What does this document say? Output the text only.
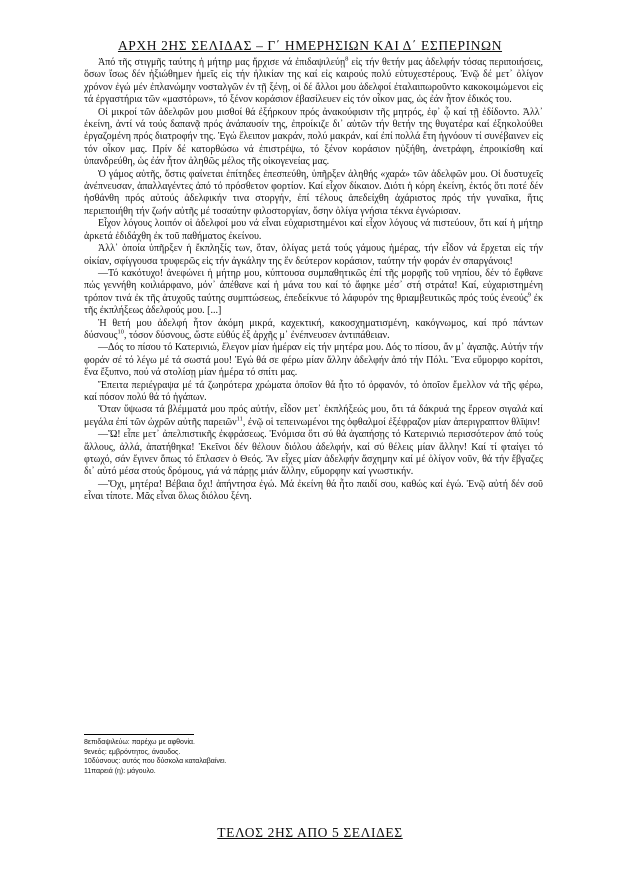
ΑΡΧΗ 2ΗΣ ΣΕΛΙΔΑΣ – Γ΄ ΗΜΕΡΗΣΙΩΝ ΚΑΙ Δ΄ ΕΣΠΕΡΙΝΩΝ

Ἀπό τῆς στιγμῆς ταύτης ἡ μήτηρ μας ἤρχισε νά ἐπιδαψιλεύῃ$^8$ εἰς τήν θετήν μας ἀδελφήν τόσας περιποιήσεις, ὅσων ἴσως δέν ἠξιώθημεν ἡμεῖς εἰς τήν ἡλικίαν της καί εἰς καιρούς πολύ εὐτυχεστέρους. Ἐνῷ δέ μετ᾽ ὀλίγον χρόνον ἐγώ μέν ἐπλανώμην νοσταλγῶν ἐν τῇ ξένῃ, οἱ δέ ἄλλοι μου ἀδελφοί ἐταλαιπωροῦντο κακοκοιμώμενοι εἰς τά ἐργαστήρια τῶν «μαστόρων», τό ξένον κοράσιον ἐβασίλευεν εἰς τόν οἶκον μας, ὡς ἐάν ἦτον ἐδικός του.

Οἱ μικροί τῶν ἀδελφῶν μου μισθοί θά ἐξήρκουν πρός ἀνακούφισιν τῆς μητρός, ἐφ᾽ ᾧ καί τῇ ἐδίδοντο. Ἀλλ᾽ ἐκείνη, ἀντί νά τούς δαπανᾷ πρός ἀνάπαυσίν της, ἐπροίκιζε δι᾽ αὐτῶν τήν θετήν της θυγατέρα καί ἐξηκολούθει ἐργαζομένη πρός διατροφήν της. Ἐγώ ἔλειπον μακράν, πολύ μακράν, καί ἐπί πολλά ἔτη ἠγνόουν τί συνέβαινεν εἰς τόν οἶκον μας. Πρίν δέ κατορθώσω νά ἐπιστρέψω, τό ξένον κοράσιον ηὐξήθη, ἀνετράφη, ἐπροικίσθη καί ὑπανδρεύθη, ὡς ἐάν ἦτον ἀληθῶς μέλος τῆς οἰκογενείας μας.

Ὁ γάμος αὐτῆς, ὅστις φαίνεται ἐπίτηδες ἐπεσπεύθη, ὑπῆρξεν ἀληθής «χαρά» τῶν ἀδελφῶν μου. Οἱ δυστυχεῖς ἀνέπνευσαν, ἀπαλλαγέντες ἀπό τό πρόσθετον φορτίον. Καί εἶχον δίκαιον. Διότι ἡ κόρη ἐκείνη, ἐκτός ὅτι ποτέ δέν ἠσθάνθη πρός αὐτούς ἀδελφικήν τινα στοργήν, ἐπί τέλους ἀπεδείχθη ἀχάριστος πρός τήν γυναῖκα, ἥτις περιεποιήθη τήν ζωήν αὐτῆς μέ τοσαύτην φιλοστοργίαν, ὅσην ὀλίγα γνήσια τέκνα ἐγνώρισαν.

Εἶχον λόγους λοιπόν οἱ ἀδελφοί μου νά εἶναι εὐχαριστημένοι καί εἶχον λόγους νά πιστεύουν, ὅτι καί ἡ μήτηρ ἀρκετά ἐδιδάχθη ἐκ τοῦ παθήματος ἐκείνου.

Ἀλλ᾽ ὁποία ὑπῆρξεν ἡ ἔκπληξίς των, ὅταν, ὀλίγας μετά τούς γάμους ἡμέρας, τήν εἶδον νά ἔρχεται εἰς τήν οἰκίαν, σφίγγουσα τρυφερῶς εἰς τήν ἀγκάλην της ἕν δεύτερον κοράσιον, ταύτην τήν φοράν ἐν σπαργάνοις!

—Τό κακότυχο! ἀνεφώνει ἡ μήτηρ μου, κύπτουσα συμπαθητικῶς ἐπί τῆς μορφῆς τοῦ νηπίου, δέν τό ἔφθανε πώς γεννήθη κοιλιάρφανο, μόν᾽ ἀπέθανε καί ἡ μάνα του καί τό ἄφηκε μέσ᾽ στή στράτα! Καί, εὐχαριστημένη τρόπον τινά ἐκ τῆς ἀτυχοῦς ταύτης συμπτώσεως, ἐπεδείκνυε τό λάφυρόν της θριαμβευτικῶς πρός τούς ἐνεούς$^9$ ἐκ τῆς ἐκπλήξεως ἀδελφούς μου. [...]

Ἡ θετή μου ἀδελφή ἦτον ἀκόμη μικρά, καχεκτική, κακοσχηματισμένη, κακόγνωμος, καί πρό πάντων δύσνους$^{10}$, τόσον δύσνους, ὥστε εὐθύς ἐξ ἀρχῆς μ᾽ ἐνέπνευσεν ἀντιπάθειαν.

—Δός το πίσου τό Κατερινιώ, ἔλεγον μίαν ἡμέραν εἰς τήν μητέρα μου. Δός το πίσου, ἄν μ᾽ ἀγαπᾷς. Αὐτήν τήν φοράν σέ τό λέγω μέ τά σωστά μου! Ἐγώ θά σε φέρω μίαν ἄλλην ἀδελφήν ἀπό τήν Πόλι. Ἕνα εὔμορφο κορίτσι, ἕνα ἔξυπνο, πού νά στολίσῃ μίαν ἡμέρα τό σπίτι μας.

Ἔπειτα περιέγραψα μέ τά ζωηρότερα χρώματα ὁποῖον θά ἦτο τό ὀρφανόν, τό ὁποῖον ἔμελλον νά τῆς φέρω, καί πόσον πολύ θά τό ἠγάπων.

Ὅταν ὕψωσα τά βλέμματά μου πρός αὐτήν, εἶδον μετ᾽ ἐκπλήξεώς μου, ὅτι τά δάκρυά της ἔρρεον σιγαλά καί μεγάλα ἐπί τῶν ὠχρῶν αὐτῆς παρειῶν$^{11}$, ἐνῷ οἱ τεπεινωμένοι της ὀφθαλμοί ἐξέφραζον μίαν ἀπεριγραπτον θλῖψιν!

—Ὤ! εἶπε μετ᾽ ἀπελπιστικῆς ἐκφράσεως. Ἐνόμισα ὅτι σύ θά ἀγαπήσῃς τό Κατερινιώ περισσότερον ἀπό τούς ἄλλους, ἀλλά, ἀπατήθηκα! Ἐκεῖνοι δέν θέλουν διόλου ἀδελφήν, καί σύ θέλεις μίαν ἄλλην! Καί τί φταίγει τό φτωχό, σάν ἔγινεν ὅπως τό ἔπλασεν ὁ Θεός. Ἄν εἶχες μίαν ἀδελφήν ἄσχημην καί μέ ὀλίγον νοῦν, θά τήν ἔβγαζες δι᾽ αὐτό μέσα στούς δρόμους, γιά νά πάρῃς μιάν ἄλλην, εὔμορφην καί γνωστικήν.

—Ὄχι, μητέρα! Βέβαια ὄχι! ἀπήντησα ἐγώ. Μά ἐκείνη θά ἦτο παιδί σου, καθώς καί ἐγώ. Ἐνῷ αὐτή δέν σοῦ εἶναι τίποτε. Μᾶς εἶναι ὅλως διόλου ξένη.

8επιδαψιλεύω: παρέχω με αφθονία.
9ενεός: εμβρόντητος, άναυδος.
10δύσνους: αυτός που δύσκολα καταλαβαίνει.
11παρειά (η): μάγουλο.
ΤΕΛΟΣ 2ΗΣ ΑΠΟ 5 ΣΕΛΙΔΕΣ
